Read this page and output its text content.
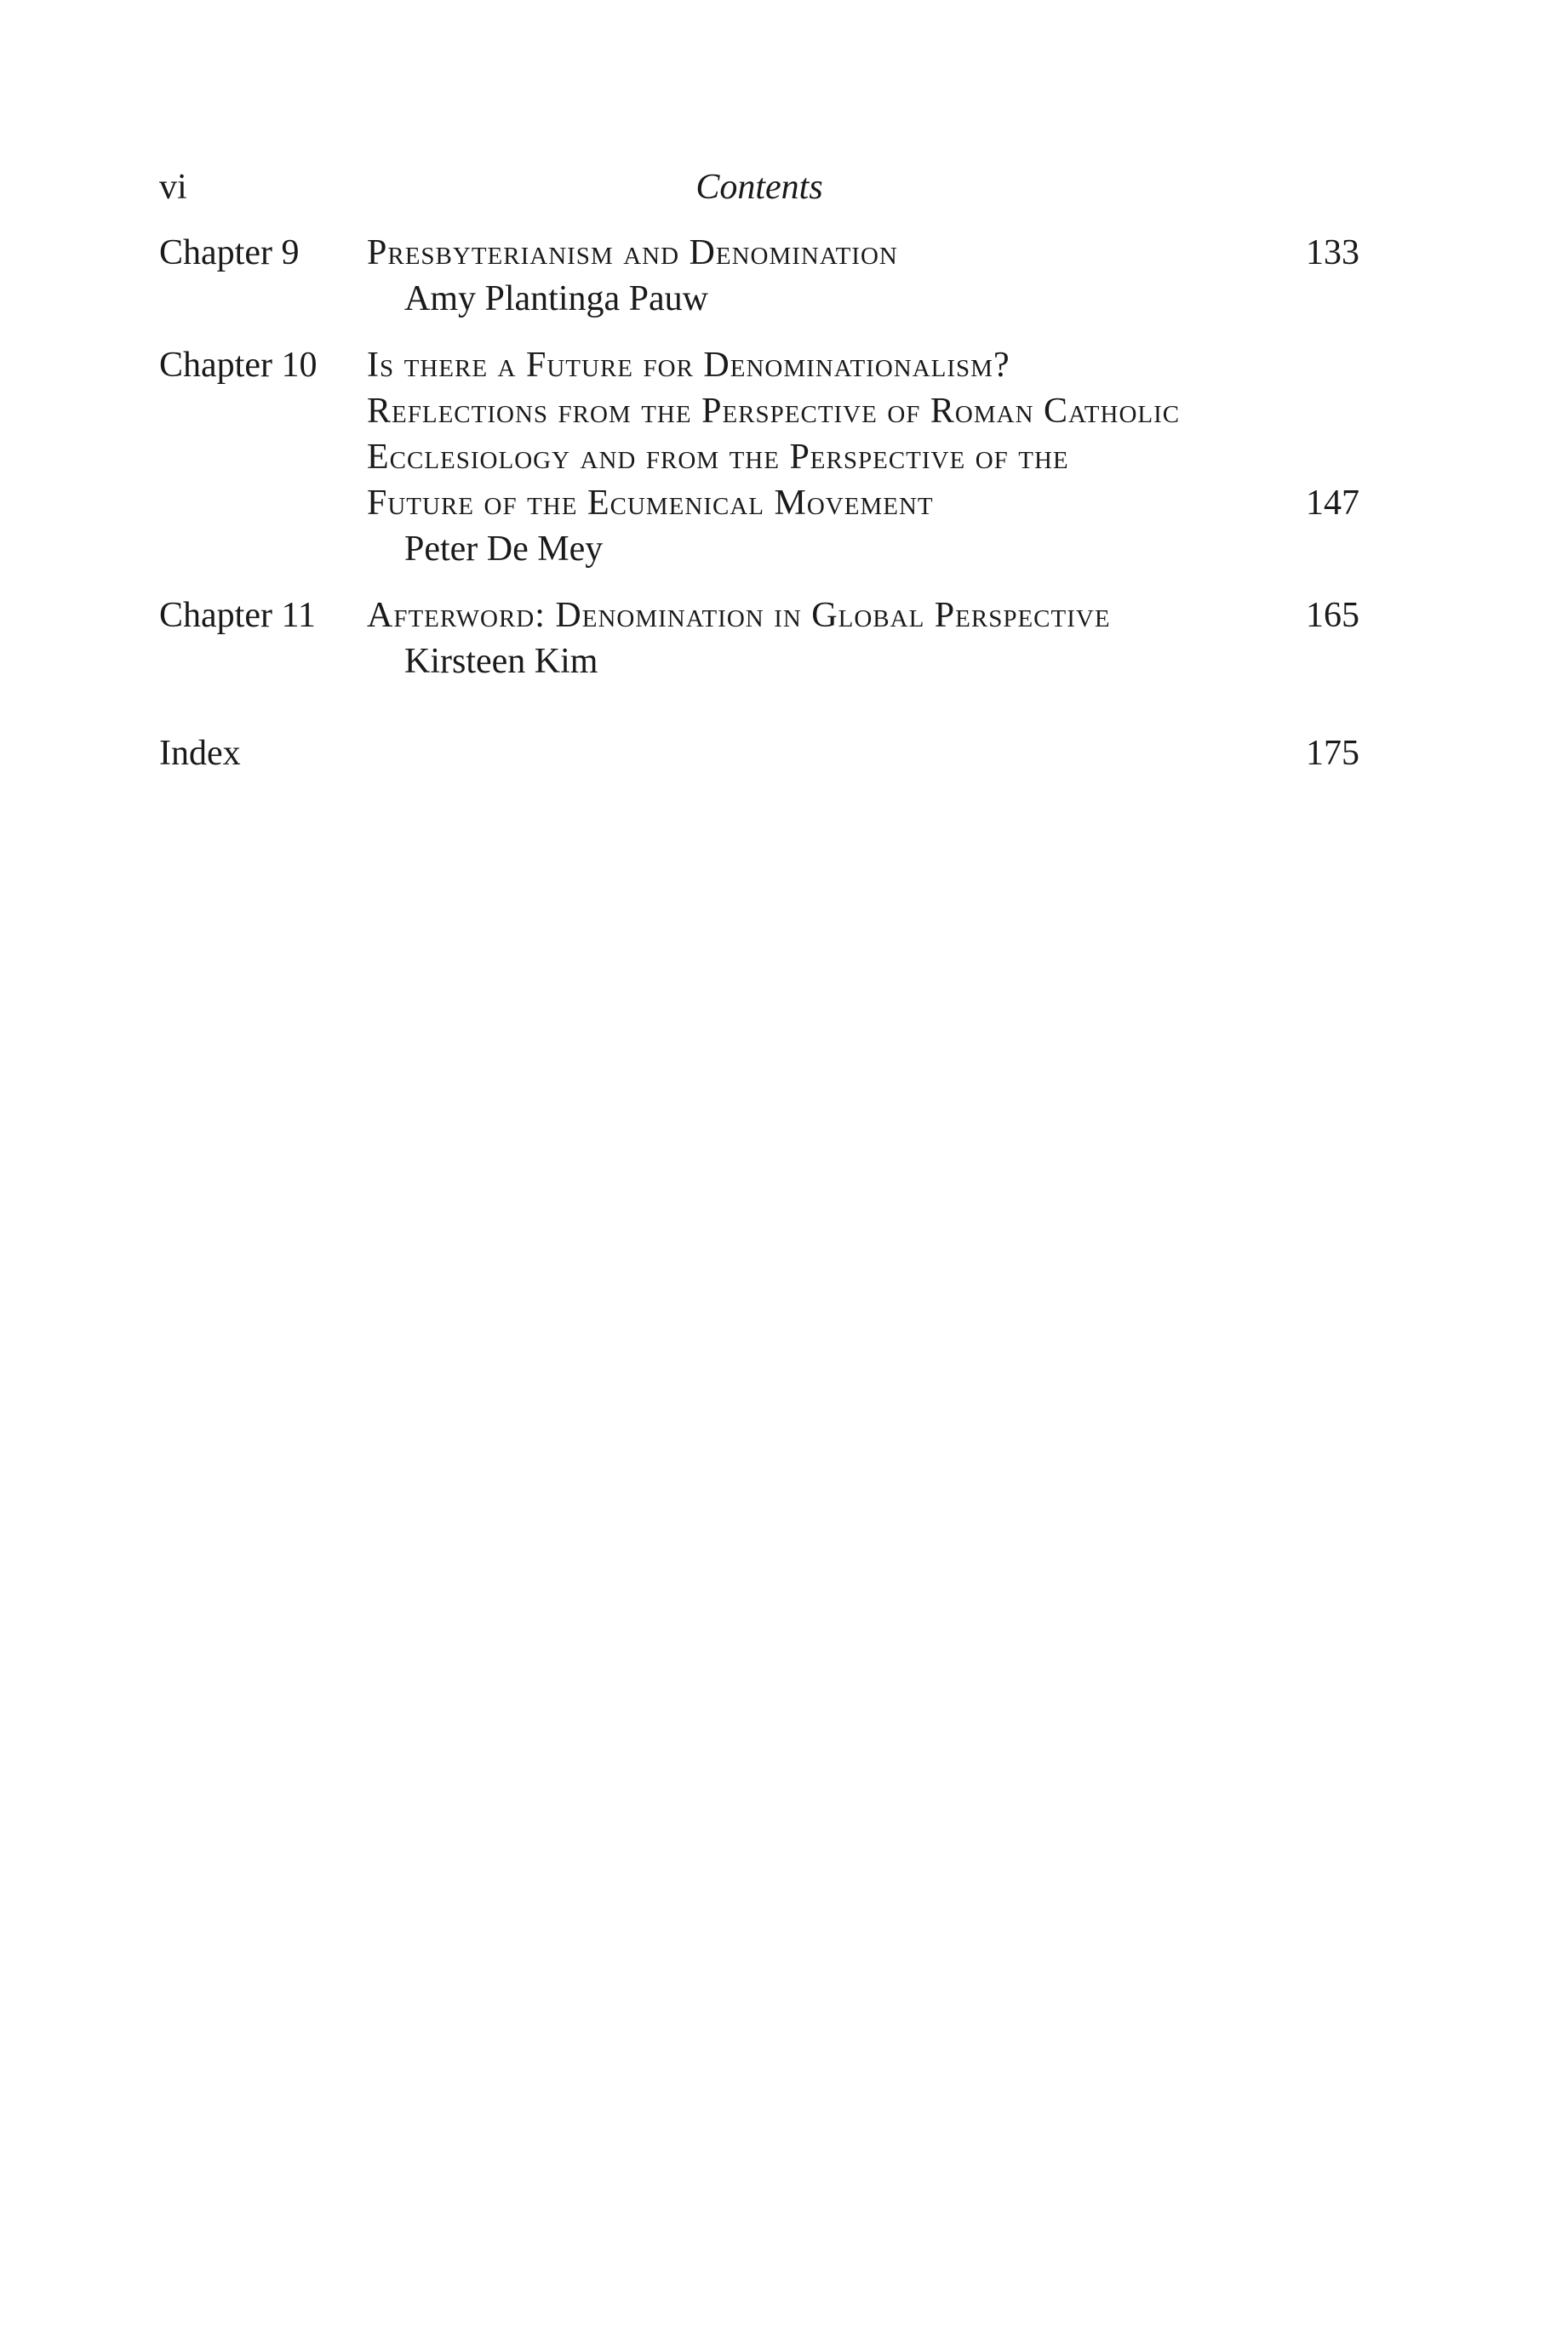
vi	Contents
Chapter 9 Presbyterianism and Denomination	133
Amy Plantinga Pauw
Chapter 10 Is there a Future for Denominationalism?
Reflections from the Perspective of Roman Catholic
Ecclesiology and from the Perspective of the
Future of the Ecumenical Movement	147
Peter De Mey
Chapter 11 Afterword: Denomination in Global Perspective	165
Kirsteen Kim
Index	175
